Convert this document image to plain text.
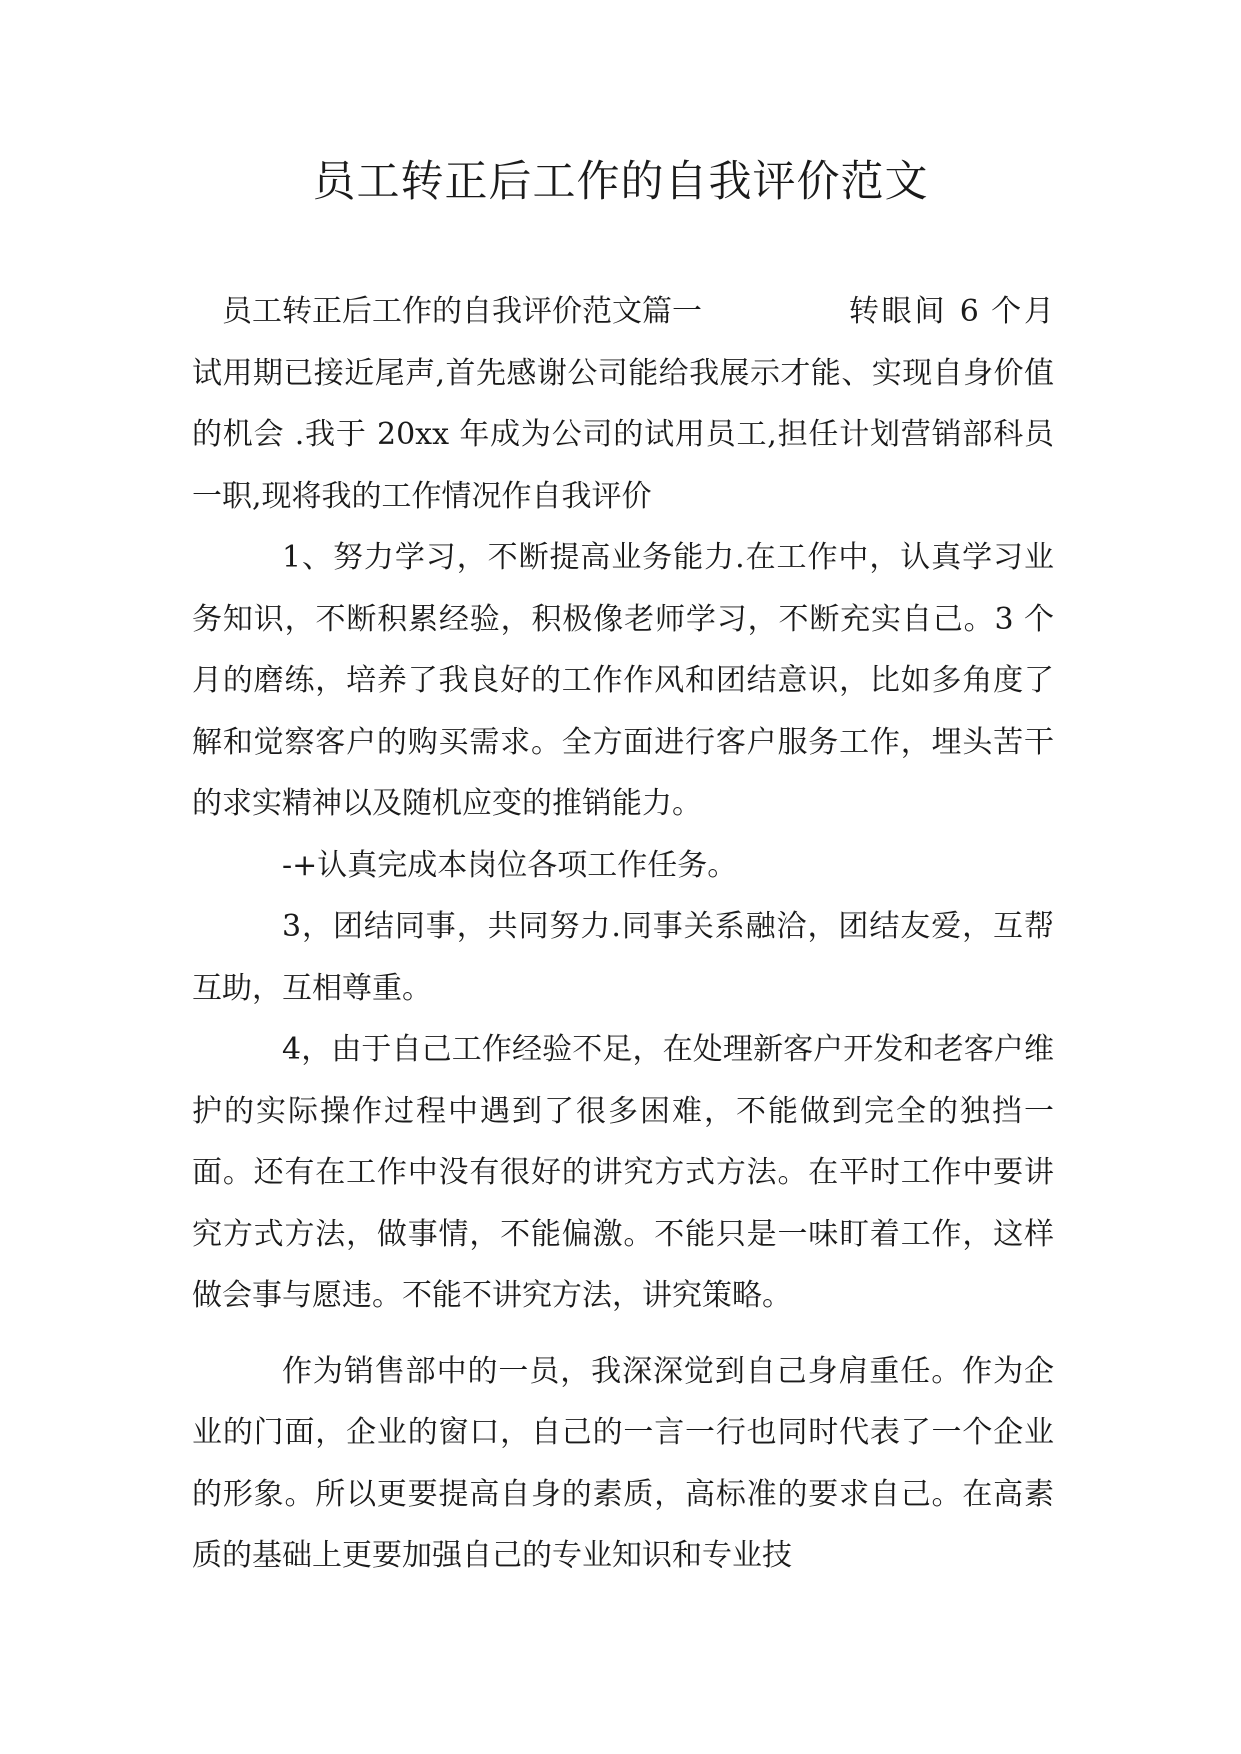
员工转正后工作的自我评价范文

员工转正后工作的自我评价范文篇一	转眼间 6 个月试用期已接近尾声,首先感谢公司能给我展示才能、实现自身价值的机会 .我于 20xx 年成为公司的试用员工,担任计划营销部科员一职,现将我的工作情况作自我评价

1、努力学习，不断提高业务能力.在工作中，认真学习业务知识，不断积累经验，积极像老师学习，不断充实自己。3 个月的磨练，培养了我良好的工作作风和团结意识，比如多角度了解和觉察客户的购买需求。全方面进行客户服务工作，埋头苦干的求实精神以及随机应变的推销能力。

-+认真完成本岗位各项工作任务。

3，团结同事，共同努力.同事关系融洽，团结友爱，互帮互助，互相尊重。

4，由于自己工作经验不足，在处理新客户开发和老客户维护的实际操作过程中遇到了很多困难，不能做到完全的独挡一面。还有在工作中没有很好的讲究方式方法。在平时工作中要讲究方式方法，做事情，不能偏激。不能只是一味盯着工作，这样做会事与愿违。不能不讲究方法，讲究策略。

作为销售部中的一员，我深深觉到自己身肩重任。作为企业的门面，企业的窗口，自己的一言一行也同时代表了一个企业的形象。所以更要提高自身的素质，高标准的要求自己。在高素质的基础上更要加强自己的专业知识和专业技
